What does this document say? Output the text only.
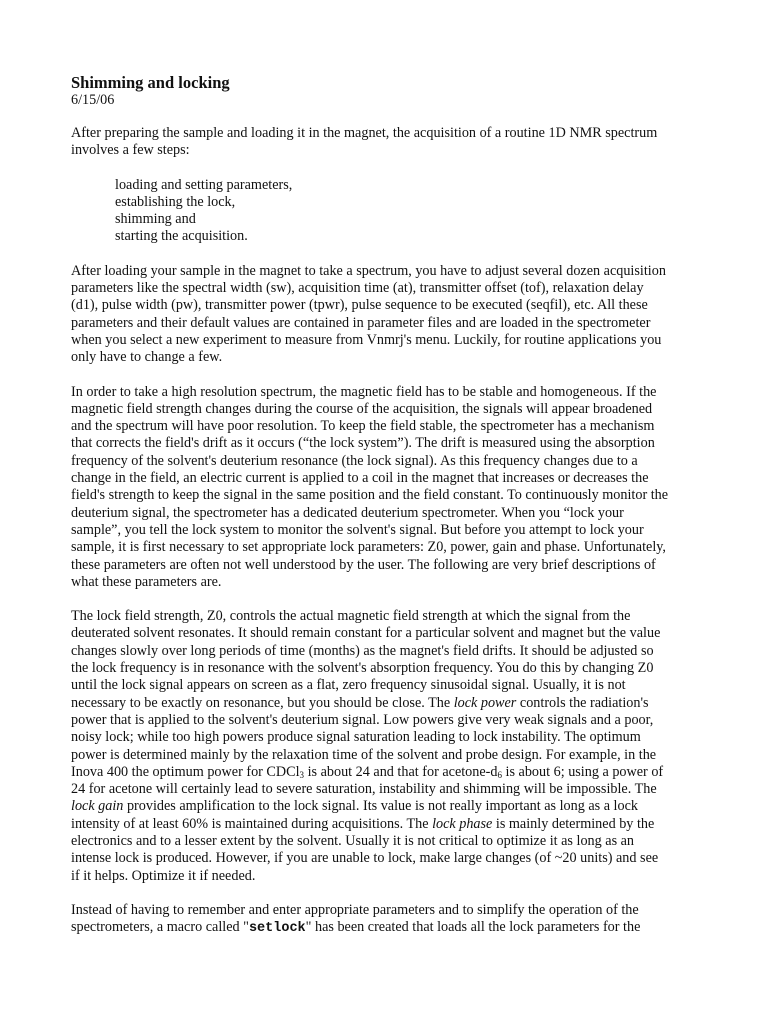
Shimming and locking

6/15/06

After preparing the sample and loading it in the magnet, the acquisition of a routine 1D NMR spectrum
involves a few steps:

loading and setting parameters,
establishing the lock,
shimming and
starting the acquisition.

After loading your sample in the magnet to take a spectrum, you have to adjust several dozen acquisition
parameters like the spectral width (sw), acquisition time (at), transmitter offset (tof), relaxation delay
(d1), pulse width (pw), transmitter power (tpwr), pulse sequence to be executed (seqfil), etc. All these
parameters and their default values are contained in parameter files and are loaded in the spectrometer
when you select a new experiment to measure from Vnmrj's menu. Luckily, for routine applications you
only have to change a few.

In order to take a high resolution spectrum, the magnetic field has to be stable and homogeneous. If the
magnetic field strength changes during the course of the acquisition, the signals will appear broadened
and the spectrum will have poor resolution. To keep the field stable, the spectrometer has a mechanism
that corrects the field's drift as it occurs (“the lock system”). The drift is measured using the absorption
frequency of the solvent's deuterium resonance (the lock signal). As this frequency changes due to a
change in the field, an electric current is applied to a coil in the magnet that increases or decreases the
field's strength to keep the signal in the same position and the field constant. To continuously monitor the
deuterium signal, the spectrometer has a dedicated deuterium spectrometer. When you “lock your
sample”, you tell the lock system to monitor the solvent's signal. But before you attempt to lock your
sample, it is first necessary to set appropriate lock parameters: Z0, power, gain and phase. Unfortunately,
these parameters are often not well understood by the user. The following are very brief descriptions of
what these parameters are.

The lock field strength, Z0, controls the actual magnetic field strength at which the signal from the
deuterated solvent resonates. It should remain constant for a particular solvent and magnet but the value
changes slowly over long periods of time (months) as the magnet's field drifts. It should be adjusted so
the lock frequency is in resonance with the solvent's absorption frequency. You do this by changing Z0
until the lock signal appears on screen as a flat, zero frequency sinusoidal signal. Usually, it is not
necessary to be exactly on resonance, but you should be close. The lock power controls the radiation's
power that is applied to the solvent's deuterium signal. Low powers give very weak signals and a poor,
noisy lock; while too high powers produce signal saturation leading to lock instability. The optimum
power is determined mainly by the relaxation time of the solvent and probe design. For example, in the
Inova 400 the optimum power for CDCl$_3$ is about 24 and that for acetone-$d_6$ is about 6; using a power of
24 for acetone will certainly lead to severe saturation, instability and shimming will be impossible. The
lock gain provides amplification to the lock signal. Its value is not really important as long as a lock
intensity of at least 60% is maintained during acquisitions. The lock phase is mainly determined by the
electronics and to a lesser extent by the solvent. Usually it is not critical to optimize it as long as an
intense lock is produced. However, if you are unable to lock, make large changes (of ~20 units) and see
if it helps. Optimize it if needed.

Instead of having to remember and enter appropriate parameters and to simplify the operation of the
spectrometers, a macro called "setlock" has been created that loads all the lock parameters for the
